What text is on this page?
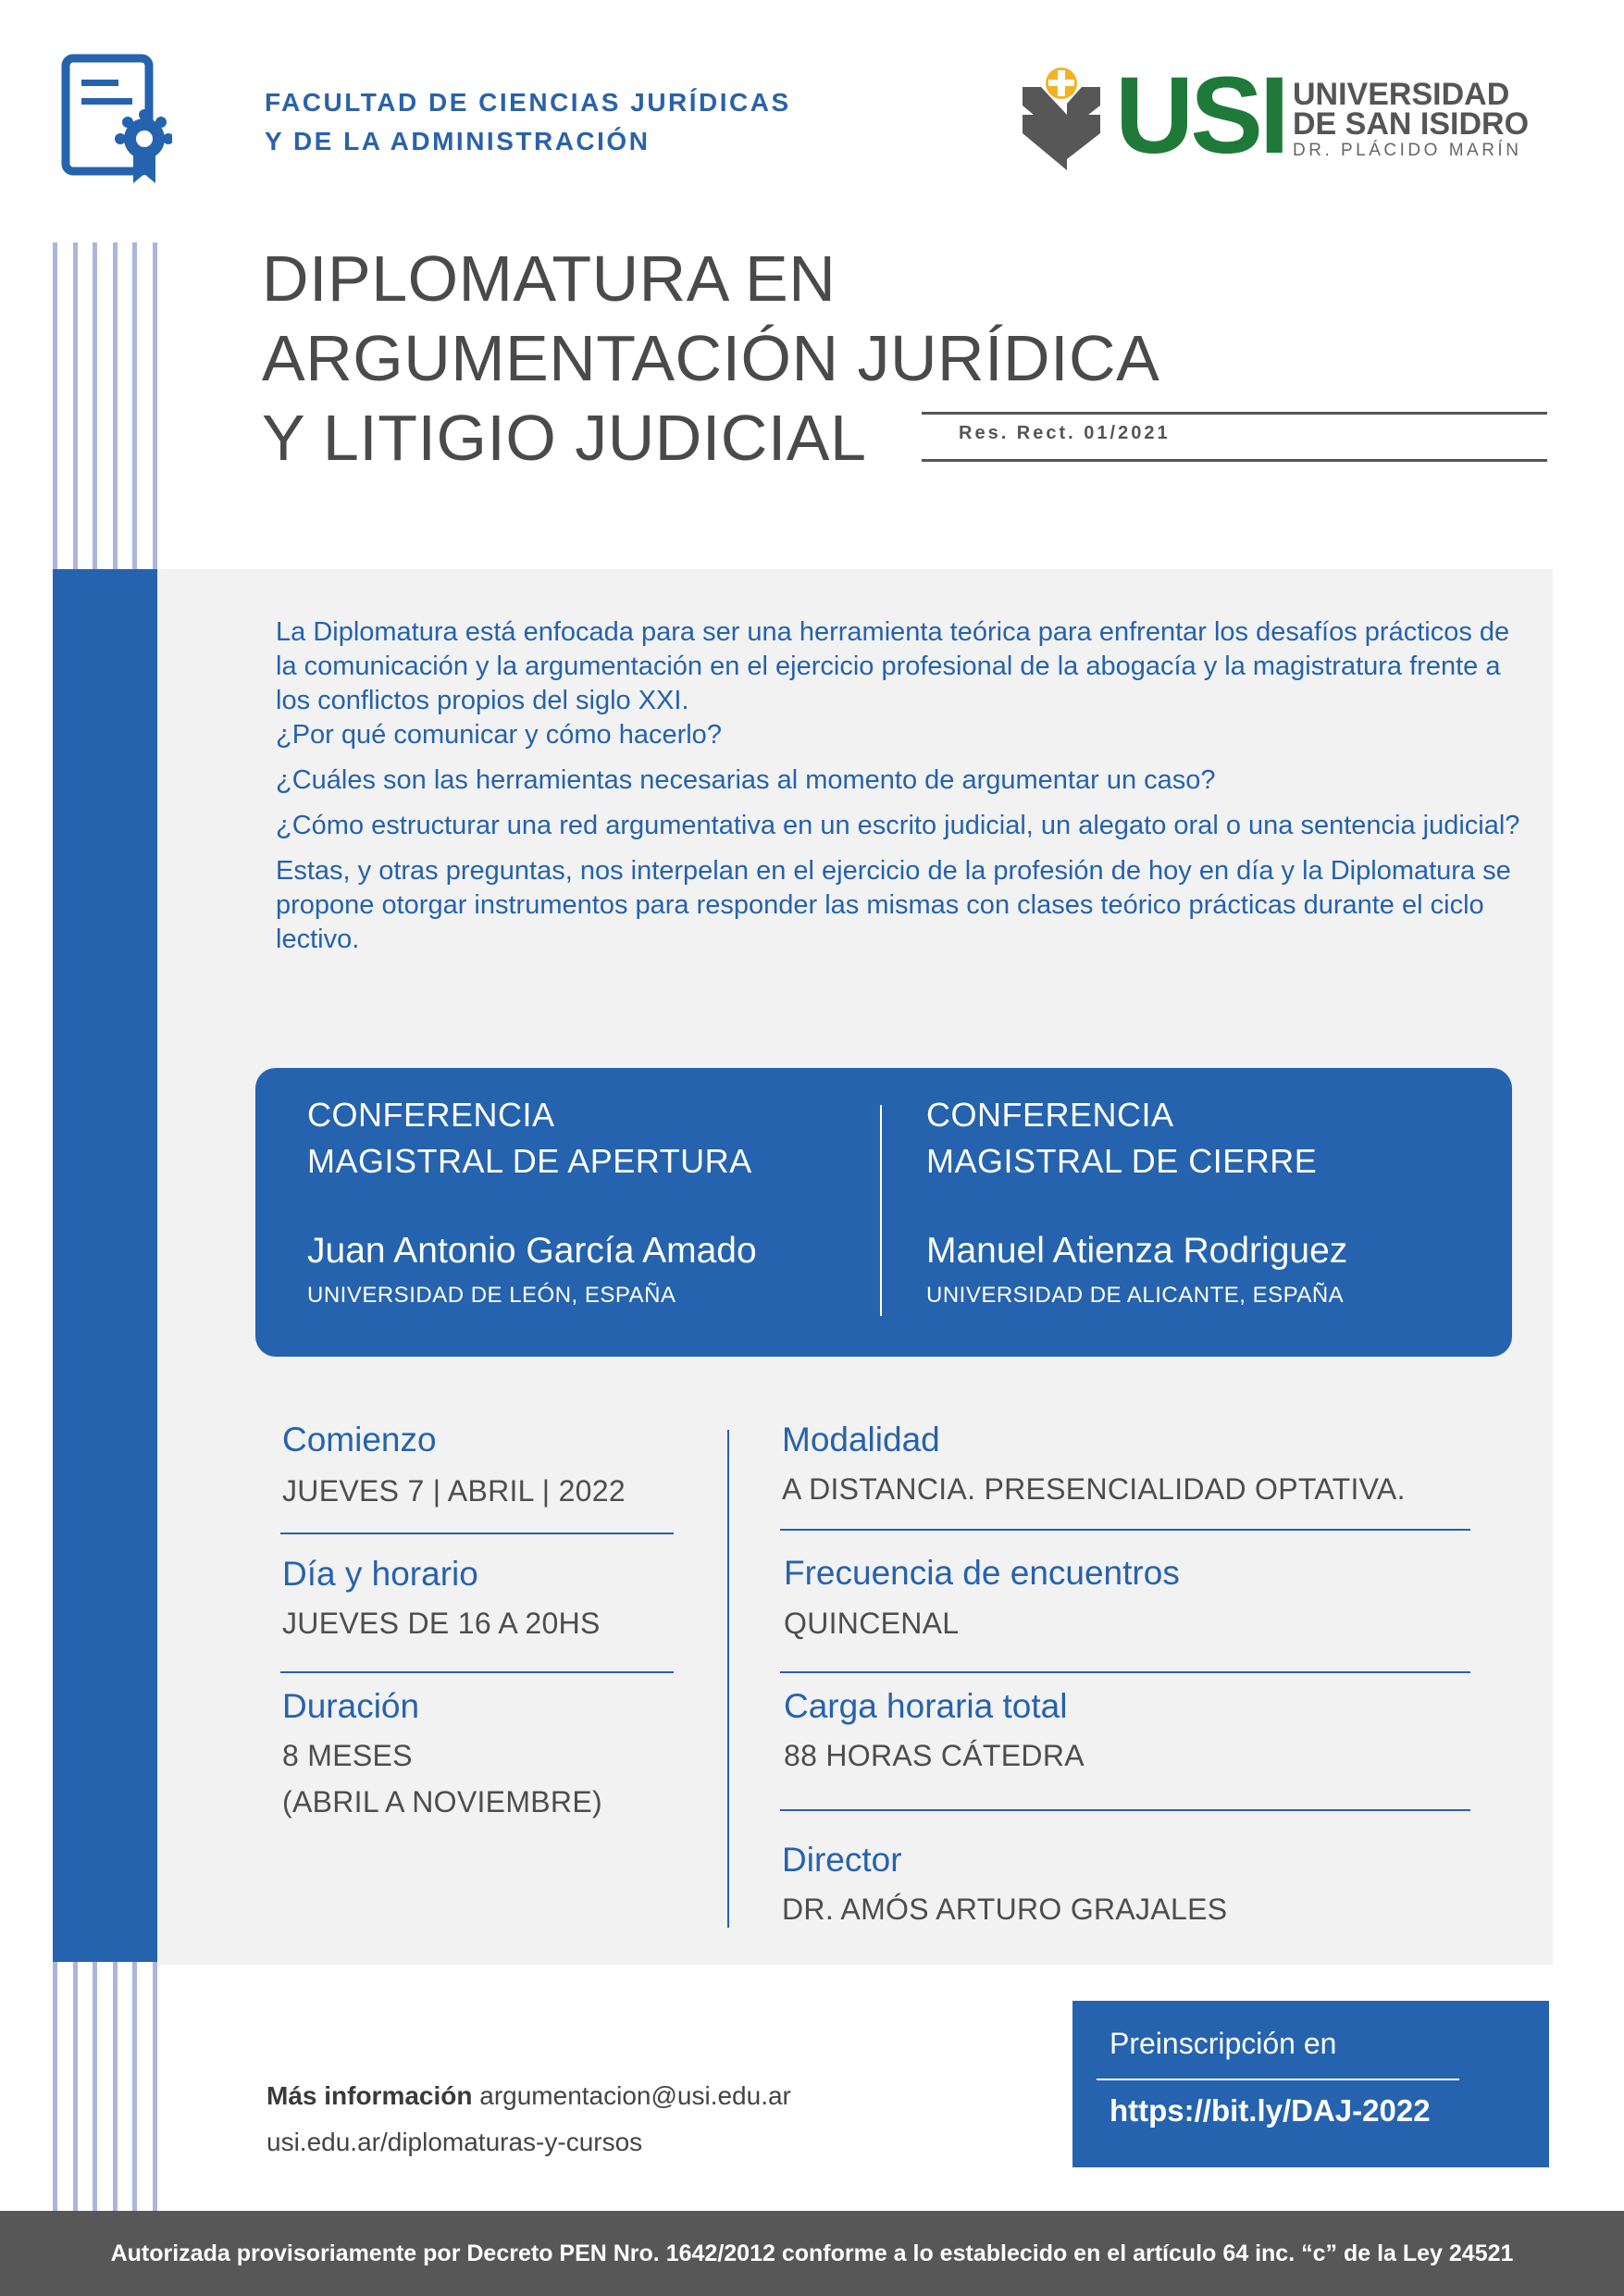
FACULTAD DE CIENCIAS JURÍDICAS
Y DE LA ADMINISTRACIÓN	USI UNIVERSIDAD
DE SAN ISIDRO
DR. PLÁCIDO MARÍN
DIPLOMATURA EN
ARGUMENTACIÓN JURÍDICA
Y LITIGIO JUDICIAL	Res. Rect. 01/2021

La Diplomatura está enfocada para ser una herramienta teórica para enfrentar los desafíos prácticos de la comunicación y la argumentación en el ejercicio profesional de la abogacía y la magistratura frente a los conflictos propios del siglo XXI.

¿Por qué comunicar y cómo hacerlo?

¿Cuáles son las herramientas necesarias al momento de argumentar un caso?

¿Cómo estructurar una red argumentativa en un escrito judicial, un alegato oral o una sentencia judicial?

Estas, y otras preguntas, nos interpelan en el ejercicio de la profesión de hoy en día y la Diplomatura se propone otorgar instrumentos para responder las mismas con clases teórico prácticas durante el ciclo lectivo.

CONFERENCIA
MAGISTRAL DE APERTURA
Juan Antonio García Amado
UNIVERSIDAD DE LEÓN, ESPAÑA
CONFERENCIA
MAGISTRAL DE CIERRE
Manuel Atienza Rodriguez
UNIVERSIDAD DE ALICANTE, ESPAÑA
Comienzo
JUEVES 7 | ABRIL | 2022
Día y horario
JUEVES DE 16 A 20HS
Duración
8 MESES
(ABRIL A NOVIEMBRE)
Modalidad
A DISTANCIA. PRESENCIALIDAD OPTATIVA.
Frecuencia de encuentros
QUINCENAL
Carga horaria total
88 HORAS CÁTEDRA
Director
DR. AMÓS ARTURO GRAJALES
Más información argumentacion@usi.edu.ar
usi.edu.ar/diplomaturas-y-cursos
Preinscripción en
https://bit.ly/DAJ-2022
Autorizada provisoriamente por Decreto PEN Nro. 1642/2012 conforme a lo establecido en el artículo 64 inc. “c” de la Ley 24521
